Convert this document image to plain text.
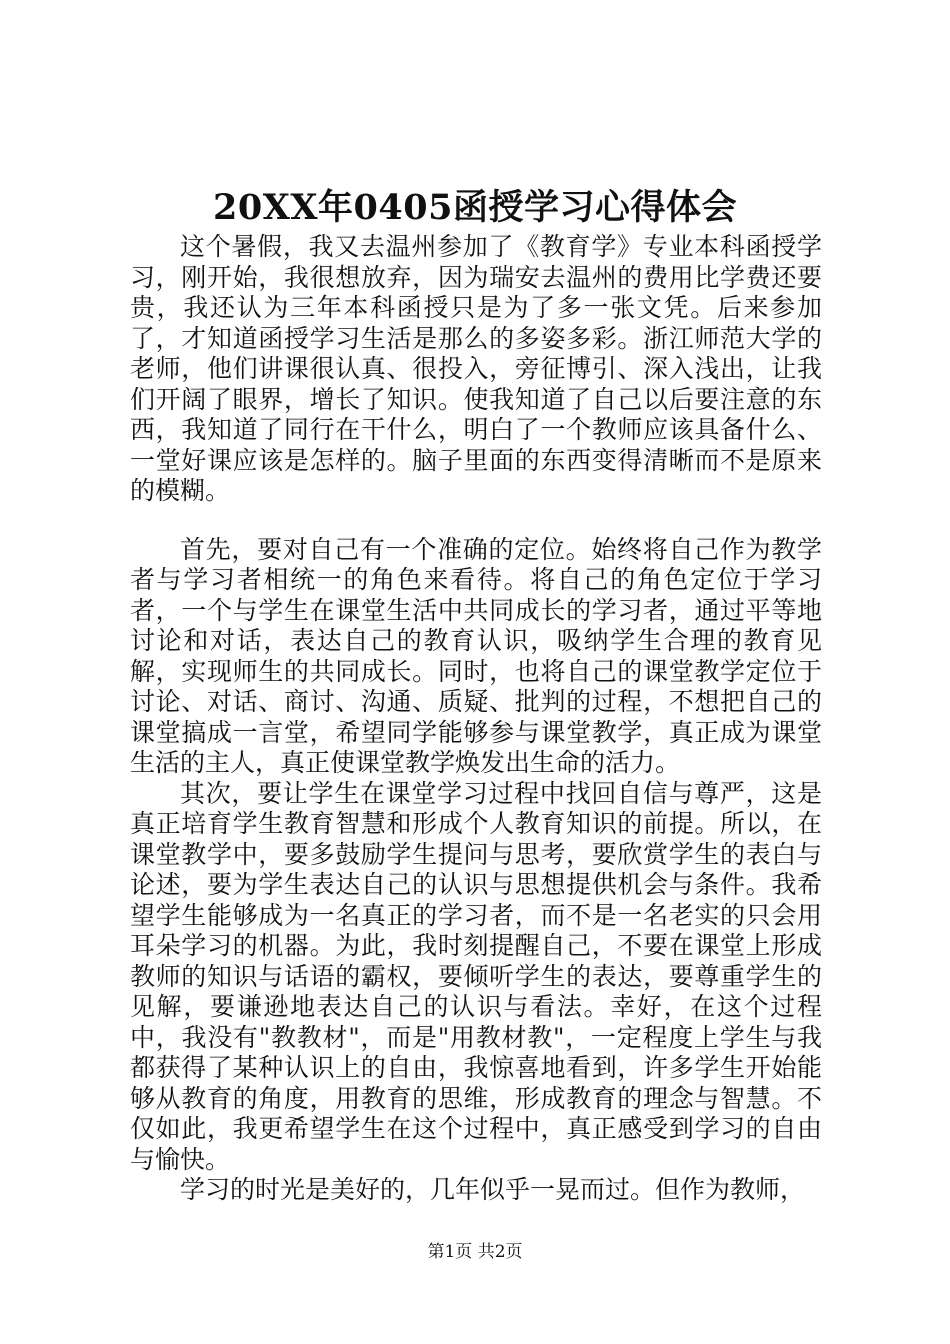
20XX年0405函授学习心得体会

这个暑假，我又去温州参加了《教育学》专业本科函授学习，刚开始，我很想放弃，因为瑞安去温州的费用比学费还要贵，我还认为三年本科函授只是为了多一张文凭。后来参加了，才知道函授学习生活是那么的多姿多彩。浙江师范大学的老师，他们讲课很认真、很投入，旁征博引、深入浅出，让我们开阔了眼界，增长了知识。使我知道了自己以后要注意的东西，我知道了同行在干什么，明白了一个教师应该具备什么、一堂好课应该是怎样的。脑子里面的东西变得清晰而不是原来的模糊。

首先，要对自己有一个准确的定位。始终将自己作为教学者与学习者相统一的角色来看待。将自己的角色定位于学习者，一个与学生在课堂生活中共同成长的学习者，通过平等地讨论和对话，表达自己的教育认识，吸纳学生合理的教育见解，实现师生的共同成长。同时，也将自己的课堂教学定位于讨论、对话、商讨、沟通、质疑、批判的过程，不想把自己的课堂搞成一言堂，希望同学能够参与课堂教学，真正成为课堂生活的主人，真正使课堂教学焕发出生命的活力。

其次，要让学生在课堂学习过程中找回自信与尊严，这是真正培育学生教育智慧和形成个人教育知识的前提。所以，在课堂教学中，要多鼓励学生提问与思考，要欣赏学生的表白与论述，要为学生表达自己的认识与思想提供机会与条件。我希望学生能够成为一名真正的学习者，而不是一名老实的只会用耳朵学习的机器。为此，我时刻提醒自己，不要在课堂上形成教师的知识与话语的霸权，要倾听学生的表达，要尊重学生的见解，要谦逊地表达自己的认识与看法。幸好，在这个过程中，我没有"教教材"，而是"用教材教"，一定程度上学生与我都获得了某种认识上的自由，我惊喜地看到，许多学生开始能够从教育的角度，用教育的思维，形成教育的理念与智慧。不仅如此，我更希望学生在这个过程中，真正感受到学习的自由与愉快。

学习的时光是美好的，几年似乎一晃而过。但作为教师，

第1页 共2页
